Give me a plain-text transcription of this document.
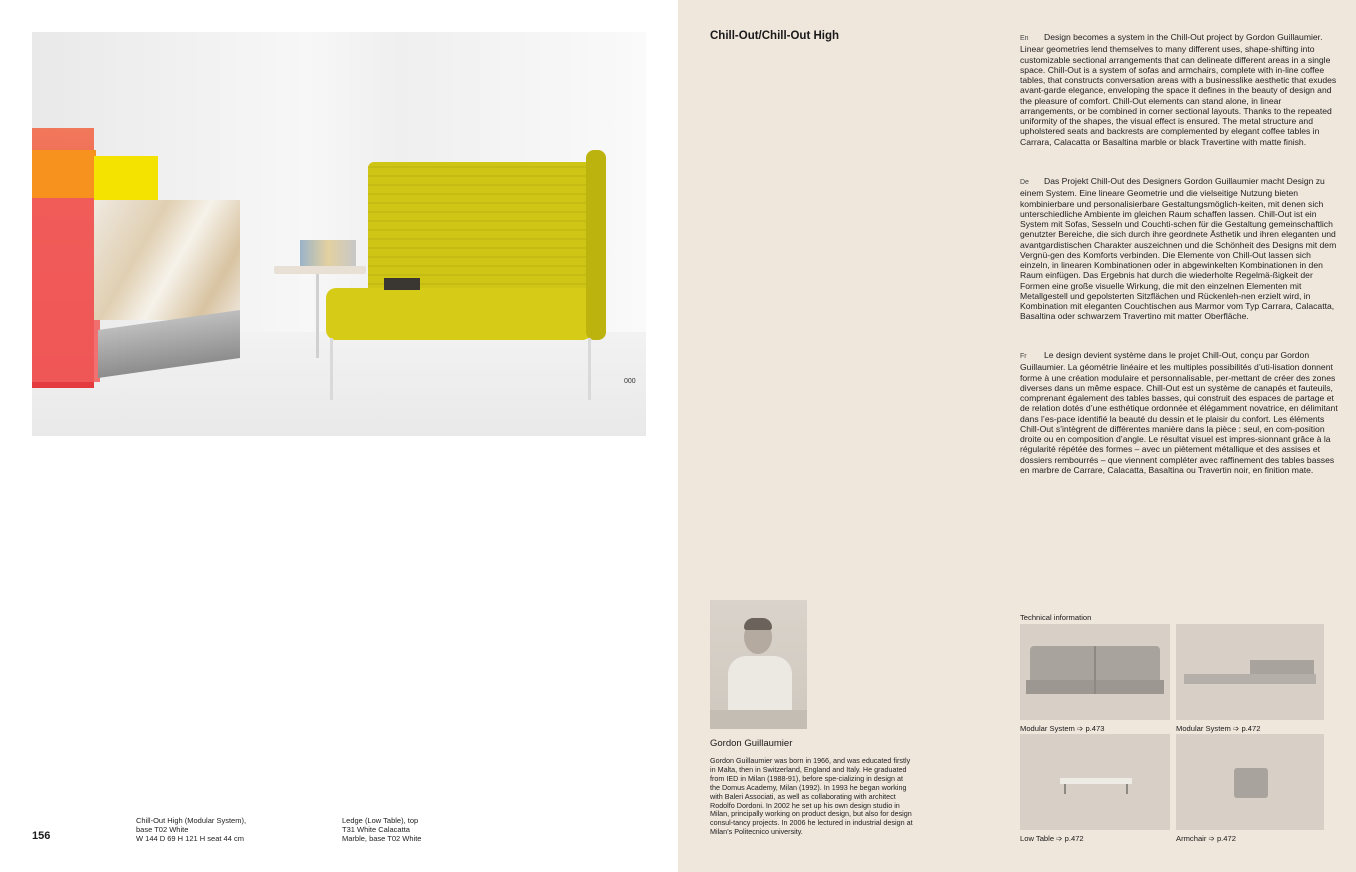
000
156
Chill-Out High (Modular System),
base T02 White
W 144 D 69 H 121 H seat 44 cm
Ledge (Low Table), top
T31 White Calacatta
Marble, base T02 White
Chill-Out/Chill-Out High	En Design becomes a system in the Chill-Out project by Gordon Guillaumier. Linear geometries lend themselves to many different uses, shape-shifting into customizable sectional arrangements that can delineate different areas in a single space. Chill-Out is a system of sofas and armchairs, complete with in-line coffee tables, that constructs conversation areas with a businesslike aesthetic that exudes avant-garde elegance, enveloping the space it defines in the beauty of design and the pleasure of comfort. Chill-Out elements can stand alone, in linear arrangements, or be combined in corner sectional layouts. Thanks to the repeated uniformity of the shapes, the visual effect is ensured. The metal structure and upholstered seats and backrests are complemented by elegant coffee tables in Carrara, Calacatta or Basaltina marble or black Travertine with matte finish.
De Das Projekt Chill-Out des Designers Gordon Guillaumier macht Design zu einem System. Eine lineare Geometrie und die vielseitige Nutzung bieten kombinierbare und personalisierbare Gestaltungsmöglich-keiten, mit denen sich unterschiedliche Ambiente im gleichen Raum schaffen lassen. Chill-Out ist ein System mit Sofas, Sesseln und Couchti-schen für die Gestaltung gemeinschaftlich genutzter Bereiche, die sich durch ihre geordnete Ästhetik und ihren eleganten und avantgardistischen Charakter auszeichnen und die Schönheit des Designs mit dem Vergnü-gen des Komforts verbinden. Die Elemente von Chill-Out lassen sich einzeln, in linearen Kombinationen oder in abgewinkelten Kombinationen in den Raum einfügen. Das Ergebnis hat durch die wiederholte Regelmä-ßigkeit der Formen eine große visuelle Wirkung, die mit den einzelnen Elementen mit Metallgestell und gepolsterten Sitzflächen und Rückenleh-nen erzielt wird, in Kombination mit eleganten Couchtischen aus Marmor vom Typ Carrara, Calacatta, Basaltina oder schwarzem Travertino mit matter Oberfläche.
Fr Le design devient système dans le projet Chill-Out, conçu par Gordon Guillaumier. La géométrie linéaire et les multiples possibilités d’uti-lisation donnent forme à une création modulaire et personnalisable, per-mettant de créer des zones diverses dans un même espace. Chill-Out est un système de canapés et fauteuils, comprenant également des tables basses, qui construit des espaces de partage et de relation dotés d’une esthétique ordonnée et élégamment novatrice, en délimitant dans l’es-pace identifié la beauté du dessin et le plaisir du confort. Les éléments Chill-Out s’intègrent de différentes manière dans la pièce : seul, en com-position droite ou en composition d’angle. Le résultat visuel est impres-sionnant grâce à la régularité répétée des formes – avec un piètement métallique et des assises et dossiers rembourrés – que viennent compléter avec raffinement des tables basses en marbre de Carrare, Calacatta, Basaltina ou Travertin noir, en finition mate.
Gordon Guillaumier
Gordon Guillaumier was born in 1966, and was educated firstly in Malta, then in Switzerland, England and Italy. He graduated from IED in Milan (1988-91), before spe-cializing in design at the Domus Academy, Milan (1992). In 1993 he began working with Baleri Associati, as well as collaborating with architect Rodolfo Dordoni. In 2002 he set up his own design studio in Milan, principally working on product design, but also for design consul-tancy projects. In 2006 he lectured in industrial design at Milan’s Politecnico university.
Technical information
Modular System ➩ p.473	Modular System ➩ p.472
Low Table ➩ p.472	Armchair ➩ p.472
